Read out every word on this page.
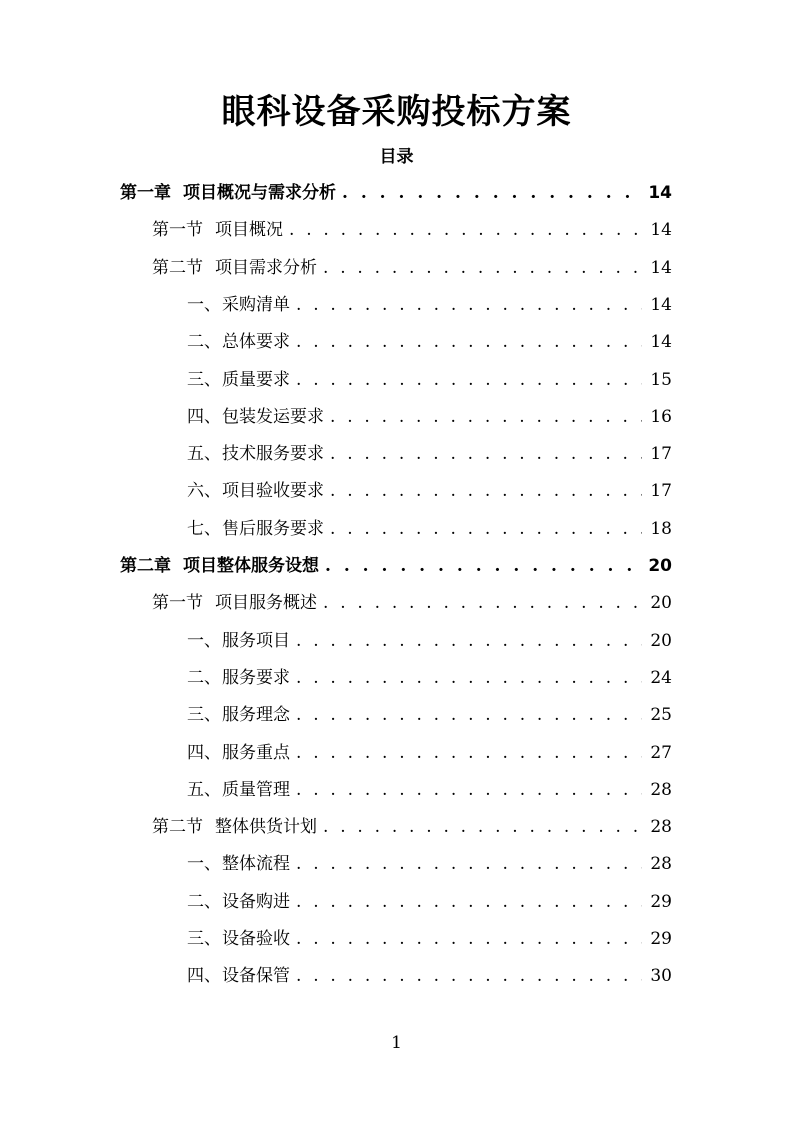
眼科设备采购投标方案
目录
第一章 项目概况与需求分析 . . .	14
第一节 项目概况 . . .	14
第二节 项目需求分析 . . .	14
一、采购清单 . . .	14
二、总体要求 . . .	14
三、质量要求 . . .	15
四、包装发运要求 . . .	16
五、技术服务要求 . . .	17
六、项目验收要求 . . .	17
七、售后服务要求 . . .	18
第二章 项目整体服务设想 . . .	20
第一节 项目服务概述 . . .	20
一、服务项目 . . .	20
二、服务要求 . . .	24
三、服务理念 . . .	25
四、服务重点 . . .	27
五、质量管理 . . .	28
第二节 整体供货计划 . . .	28
一、整体流程 . . .	28
二、设备购进 . . .	29
三、设备验收 . . .	29
四、设备保管 . . .	30
1
